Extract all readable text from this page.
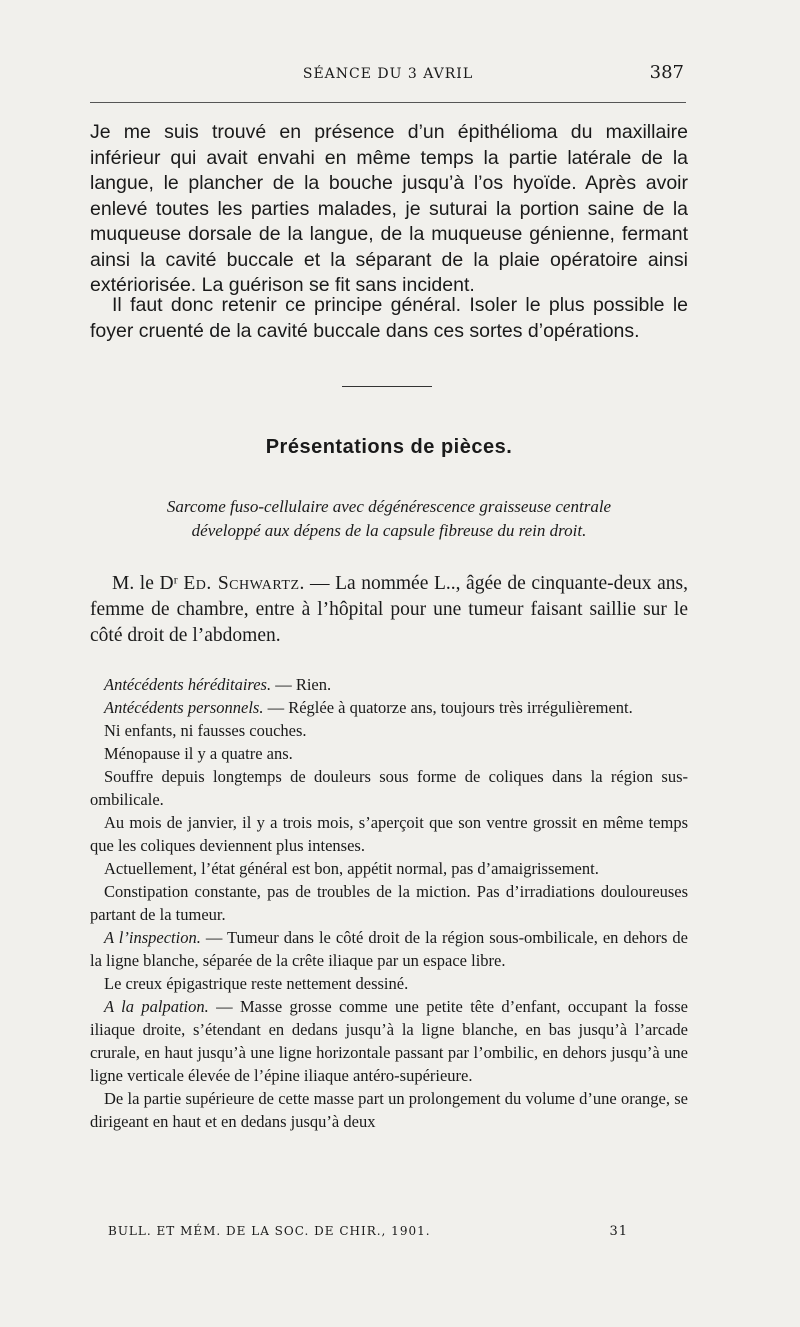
SÉANCE DU 3 AVRIL	387

Je me suis trouvé en présence d’un épithélioma du maxillaire inférieur qui avait envahi en même temps la partie latérale de la langue, le plancher de la bouche jusqu’à l’os hyoïde. Après avoir enlevé toutes les parties malades, je suturai la portion saine de la muqueuse dorsale de la langue, de la muqueuse génienne, fermant ainsi la cavité buccale et la séparant de la plaie opératoire ainsi extériorisée. La guérison se fit sans incident.

Il faut donc retenir ce principe général. Isoler le plus possible le foyer cruenté de la cavité buccale dans ces sortes d’opérations.

Présentations de pièces.
Sarcome fuso-cellulaire avec dégénérescence graisseuse centrale
développé aux dépens de la capsule fibreuse du rein droit.

M. le Dʳ Ed. Schwartz. — La nommée L.., âgée de cinquante-deux ans, femme de chambre, entre à l’hôpital pour une tumeur faisant saillie sur le côté droit de l’abdomen.

Antécédents héréditaires. — Rien.

Antécédents personnels. — Réglée à quatorze ans, toujours très irrégulièrement.

Ni enfants, ni fausses couches.

Ménopause il y a quatre ans.

Souffre depuis longtemps de douleurs sous forme de coliques dans la région sus-ombilicale.

Au mois de janvier, il y a trois mois, s’aperçoit que son ventre grossit en même temps que les coliques deviennent plus intenses.

Actuellement, l’état général est bon, appétit normal, pas d’amaigrissement.

Constipation constante, pas de troubles de la miction. Pas d’irradiations douloureuses partant de la tumeur.

A l’inspection. — Tumeur dans le côté droit de la région sous-ombilicale, en dehors de la ligne blanche, séparée de la crête iliaque par un espace libre.

Le creux épigastrique reste nettement dessiné.

A la palpation. — Masse grosse comme une petite tête d’enfant, occupant la fosse iliaque droite, s’étendant en dedans jusqu’à la ligne blanche, en bas jusqu’à l’arcade crurale, en haut jusqu’à une ligne horizontale passant par l’ombilic, en dehors jusqu’à une ligne verticale élevée de l’épine iliaque antéro-supérieure.

De la partie supérieure de cette masse part un prolongement du volume d’une orange, se dirigeant en haut et en dedans jusqu’à deux

BULL. ET MÉM. DE LA SOC. DE CHIR., 1901.	31
